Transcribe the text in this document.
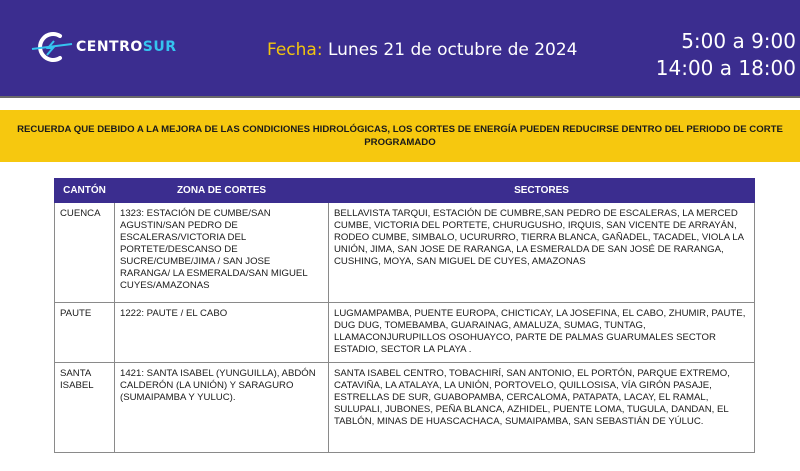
CENTROSUR	Fecha: Lunes 21 de octubre de 2024	5:00 a 9:00
14:00 a 18:00
RECUERDA QUE DEBIDO A LA MEJORA DE LAS CONDICIONES HIDROLÓGICAS, LOS CORTES DE ENERGÍA PUEDEN REDUCIRSE DENTRO DEL PERIODO DE CORTE PROGRAMADO
CANTÓN	ZONA DE CORTES	SECTORES
CUENCA	1323: ESTACIÓN DE CUMBE/SAN AGUSTIN/SAN PEDRO DE ESCALERAS/VICTORIA DEL PORTETE/DESCANSO DE SUCRE/CUMBE/JIMA / SAN JOSE RARANGA/ LA ESMERALDA/SAN MIGUEL CUYES/AMAZONAS	BELLAVISTA TARQUI, ESTACIÓN DE CUMBRE,SAN PEDRO DE ESCALERAS, LA MERCED CUMBE, VICTORIA DEL PORTETE, CHURUGUSHO, IRQUIS, SAN VICENTE DE ARRAYÁN, RODEO CUMBE, SIMBALO, UCURURRO, TIERRA BLANCA, GAÑADEL, TACADEL, VIOLA LA UNIÓN, JIMA, SAN JOSE DE RARANGA, LA ESMERALDA DE SAN JOSÉ DE RARANGA, CUSHING, MOYA, SAN MIGUEL DE CUYES, AMAZONAS
PAUTE	1222: PAUTE / EL CABO	LUGMAMPAMBA, PUENTE EUROPA, CHICTICAY, LA JOSEFINA, EL CABO, ZHUMIR, PAUTE, DUG DUG, TOMEBAMBA, GUARAINAG, AMALUZA, SUMAG, TUNTAG, LLAMACONJURUPILLOS OSOHUAYCO, PARTE DE PALMAS GUARUMALES SECTOR ESTADIO, SECTOR LA PLAYA .
SANTA ISABEL	1421: SANTA ISABEL (YUNGUILLA), ABDÓN CALDERÓN (LA UNIÓN) Y SARAGURO (SUMAIPAMBA Y YULUC).	SANTA ISABEL CENTRO, TOBACHIRÍ, SAN ANTONIO, EL PORTÓN, PARQUE EXTREMO, CATAVIÑA, LA ATALAYA, LA UNIÓN, PORTOVELO, QUILLOSISA, VÍA GIRÓN PASAJE, ESTRELLAS DE SUR, GUABOPAMBA, CERCALOMA, PATAPATA, LACAY, EL RAMAL, SULUPALI, JUBONES, PEÑA BLANCA, AZHIDEL, PUENTE LOMA, TUGULA, DANDAN, EL TABLÓN, MINAS DE HUASCACHACA, SUMAIPAMBA, SAN SEBASTIÁN DE YÚLUC.
